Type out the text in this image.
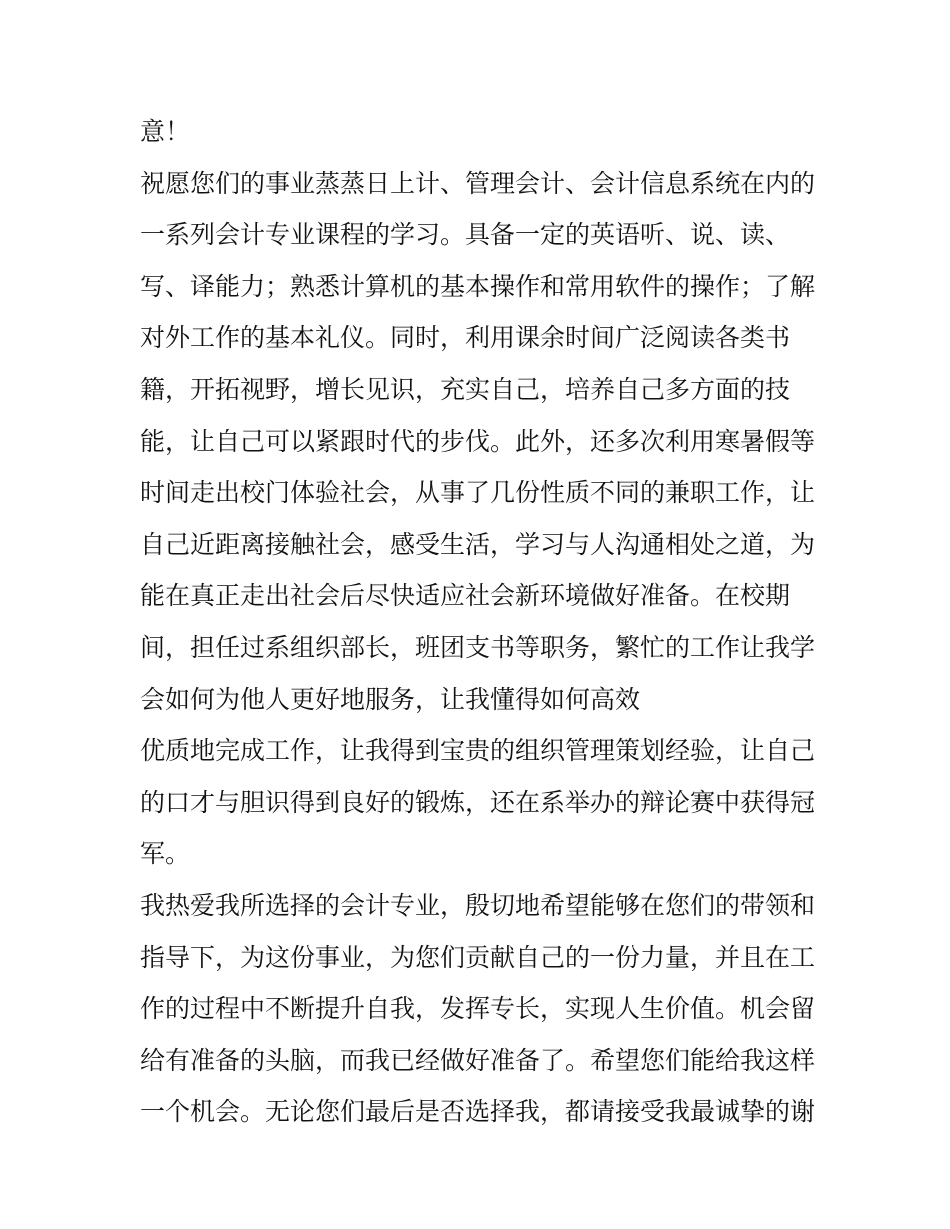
意！
祝愿您们的事业蒸蒸日上计、管理会计、会计信息系统在内的
一系列会计专业课程的学习。具备一定的英语听、说、读、
写、译能力；熟悉计算机的基本操作和常用软件的操作；了解
对外工作的基本礼仪。同时，利用课余时间广泛阅读各类书
籍，开拓视野，增长见识，充实自己，培养自己多方面的技
能，让自己可以紧跟时代的步伐。此外，还多次利用寒暑假等
时间走出校门体验社会，从事了几份性质不同的兼职工作，让
自己近距离接触社会，感受生活，学习与人沟通相处之道，为
能在真正走出社会后尽快适应社会新环境做好准备。在校期
间，担任过系组织部长，班团支书等职务，繁忙的工作让我学
会如何为他人更好地服务，让我懂得如何高效
优质地完成工作，让我得到宝贵的组织管理策划经验，让自己
的口才与胆识得到良好的锻炼，还在系举办的辩论赛中获得冠
军。
我热爱我所选择的会计专业，殷切地希望能够在您们的带领和
指导下，为这份事业，为您们贡献自己的一份力量，并且在工
作的过程中不断提升自我，发挥专长，实现人生价值。机会留
给有准备的头脑，而我已经做好准备了。希望您们能给我这样
一个机会。无论您们最后是否选择我，都请接受我最诚挚的谢
